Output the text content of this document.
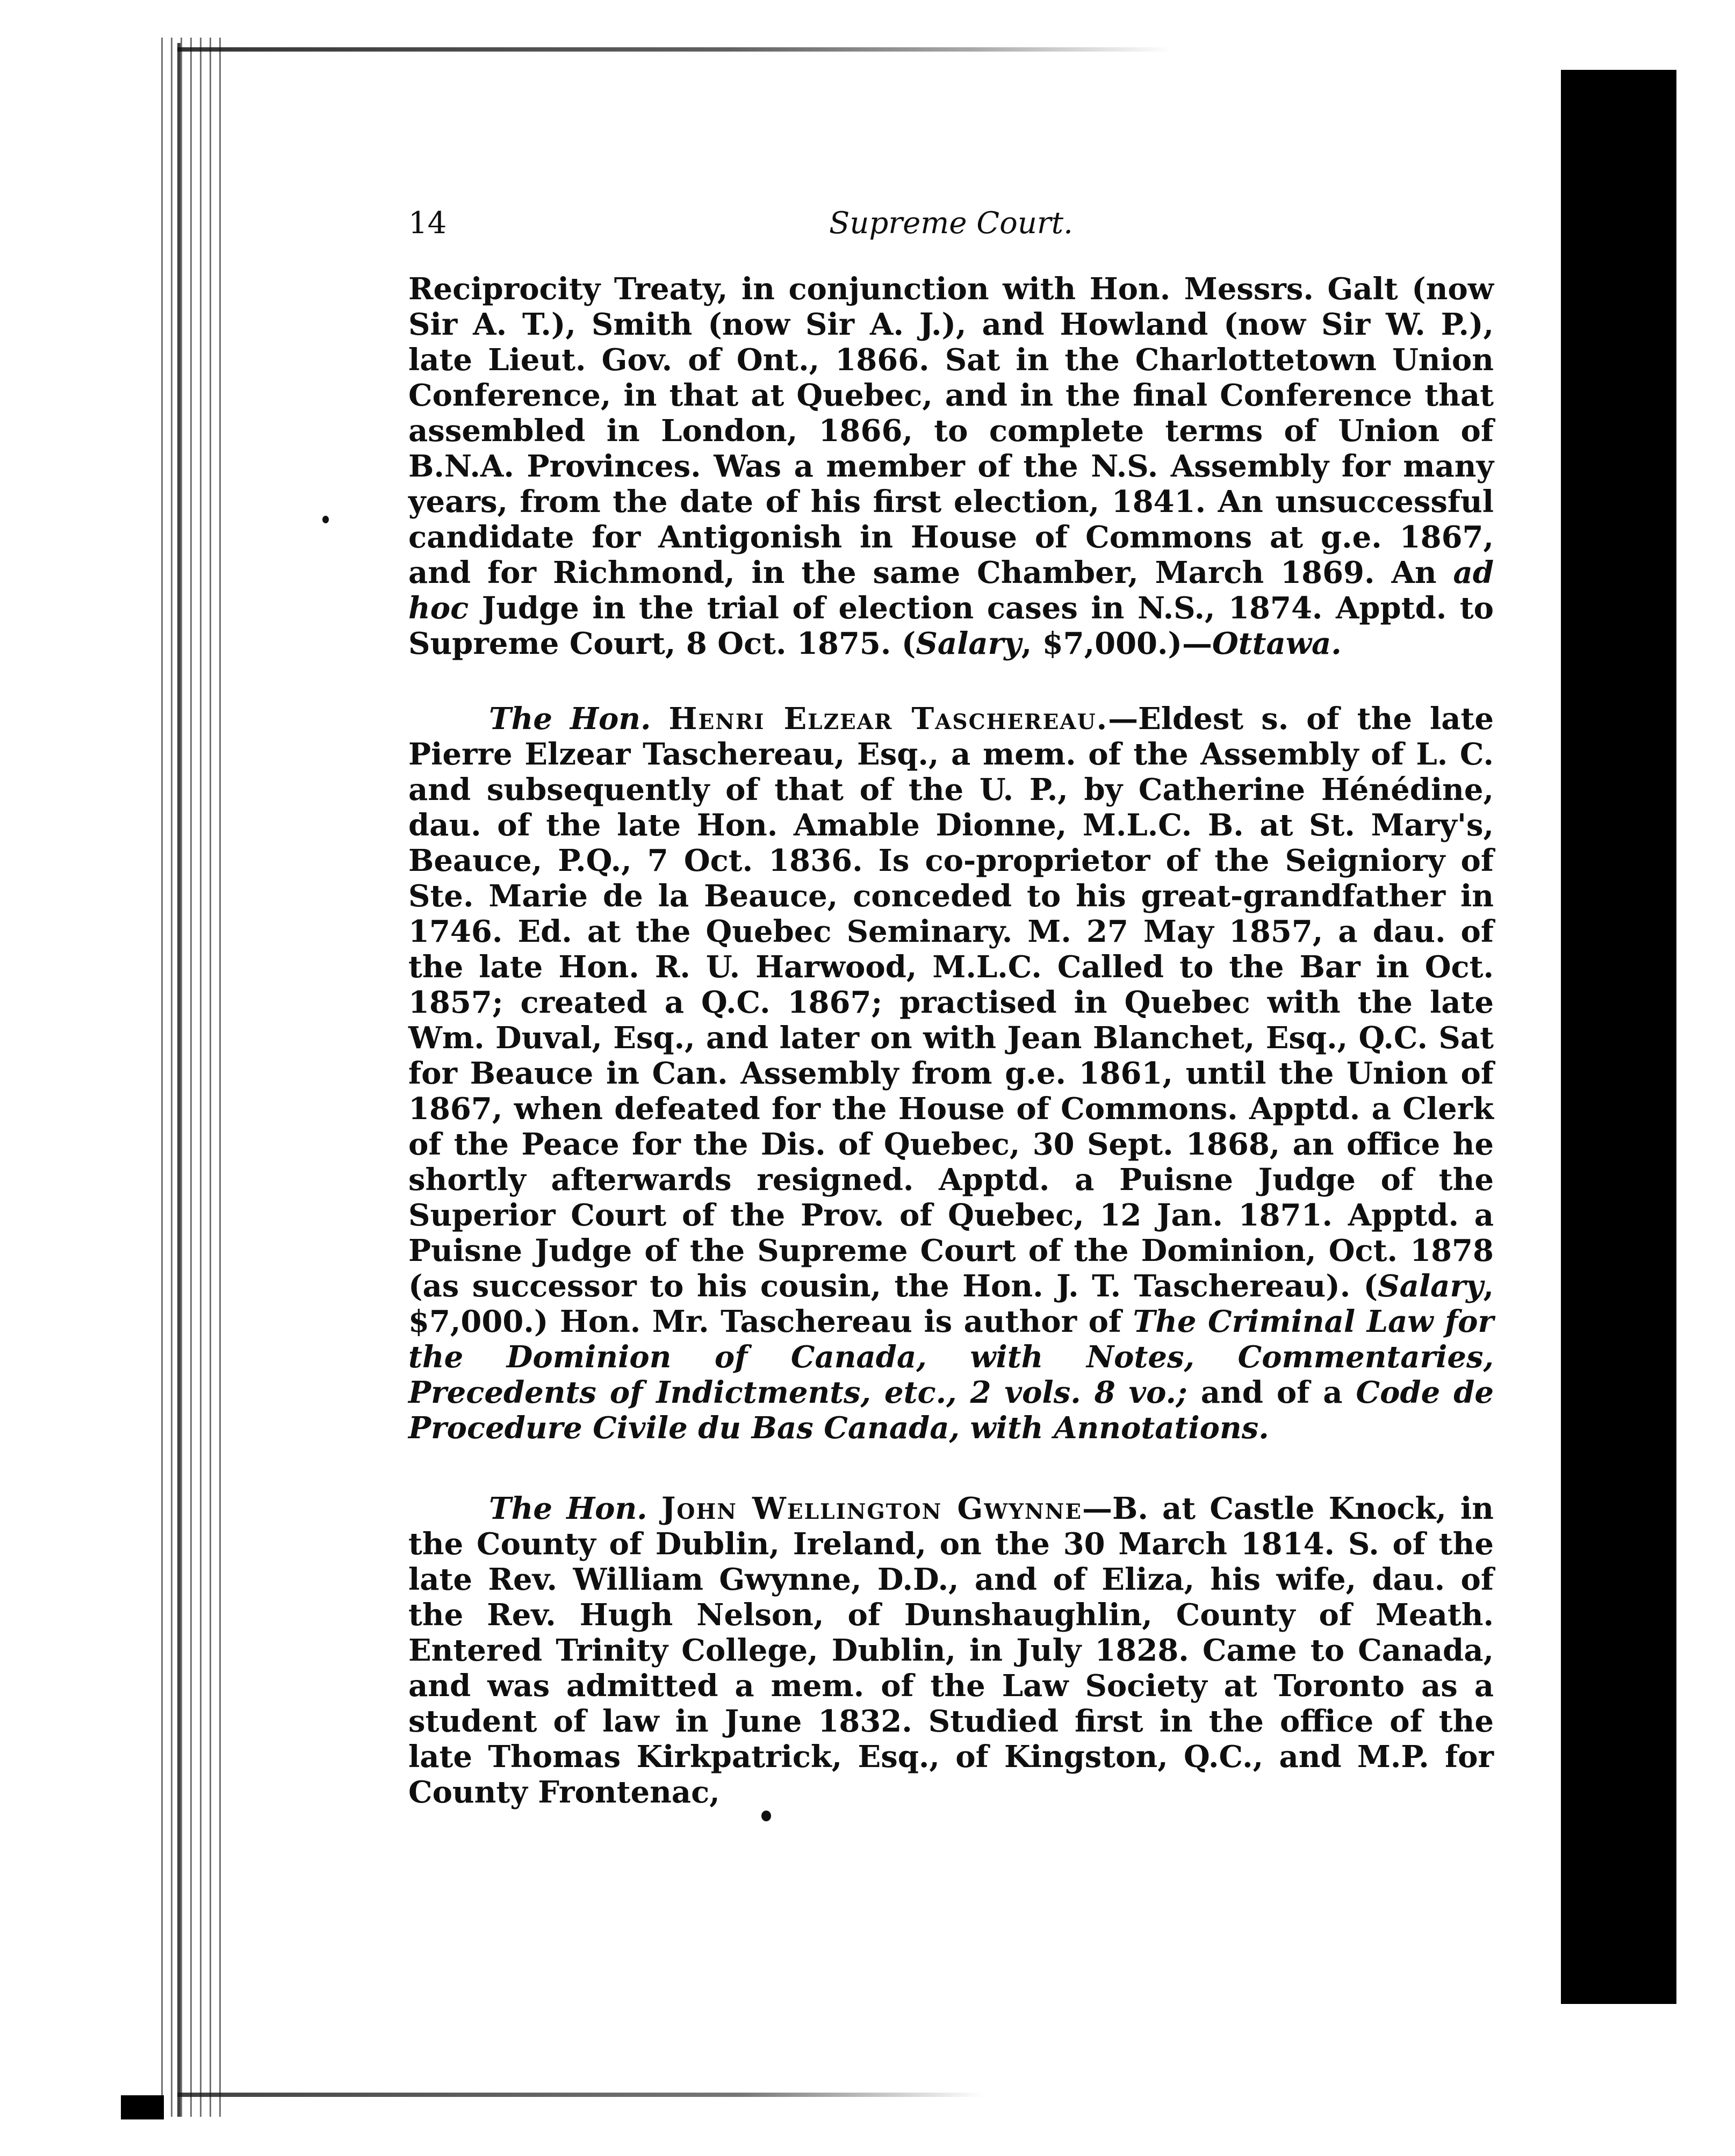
14	Supreme Court.
Reciprocity Treaty, in conjunction with Hon. Messrs. Galt (now Sir A. T.), Smith (now Sir A. J.), and Howland (now Sir W. P.), late Lieut. Gov. of Ont., 1866. Sat in the Charlottetown Union Conference, in that at Quebec, and in the final Conference that assembled in London, 1866, to complete terms of Union of B.N.A. Provinces. Was a member of the N.S. Assembly for many years, from the date of his first election, 1841. An unsuccessful candidate for Antigonish in House of Commons at g.e. 1867, and for Richmond, in the same Chamber, March 1869. An ad hoc Judge in the trial of election cases in N.S., 1874. Apptd. to Supreme Court, 8 Oct. 1875. (Salary, $7,000.)—Ottawa.
The Hon. Henri Elzear Taschereau.—Eldest s. of the late Pierre Elzear Taschereau, Esq., a mem. of the Assembly of L. C. and subsequently of that of the U. P., by Catherine Hénédine, dau. of the late Hon. Amable Dionne, M.L.C. B. at St. Mary's, Beauce, P.Q., 7 Oct. 1836. Is co-proprietor of the Seigniory of Ste. Marie de la Beauce, conceded to his great-grandfather in 1746. Ed. at the Quebec Seminary. M. 27 May 1857, a dau. of the late Hon. R. U. Harwood, M.L.C. Called to the Bar in Oct. 1857; created a Q.C. 1867; practised in Quebec with the late Wm. Duval, Esq., and later on with Jean Blanchet, Esq., Q.C. Sat for Beauce in Can. Assembly from g.e. 1861, until the Union of 1867, when defeated for the House of Commons. Apptd. a Clerk of the Peace for the Dis. of Quebec, 30 Sept. 1868, an office he shortly afterwards resigned. Apptd. a Puisne Judge of the Superior Court of the Prov. of Quebec, 12 Jan. 1871. Apptd. a Puisne Judge of the Supreme Court of the Dominion, Oct. 1878 (as successor to his cousin, the Hon. J. T. Taschereau). (Salary, $7,000.) Hon. Mr. Taschereau is author of The Criminal Law for the Dominion of Canada, with Notes, Commentaries, Precedents of Indictments, etc., 2 vols. 8 vo.; and of a Code de Procedure Civile du Bas Canada, with Annotations.
The Hon. John Wellington Gwynne—B. at Castle Knock, in the County of Dublin, Ireland, on the 30 March 1814. S. of the late Rev. William Gwynne, D.D., and of Eliza, his wife, dau. of the Rev. Hugh Nelson, of Dunshaughlin, County of Meath. Entered Trinity College, Dublin, in July 1828. Came to Canada, and was admitted a mem. of the Law Society at Toronto as a student of law in June 1832. Studied first in the office of the late Thomas Kirkpatrick, Esq., of Kingston, Q.C., and M.P. for County Frontenac,
